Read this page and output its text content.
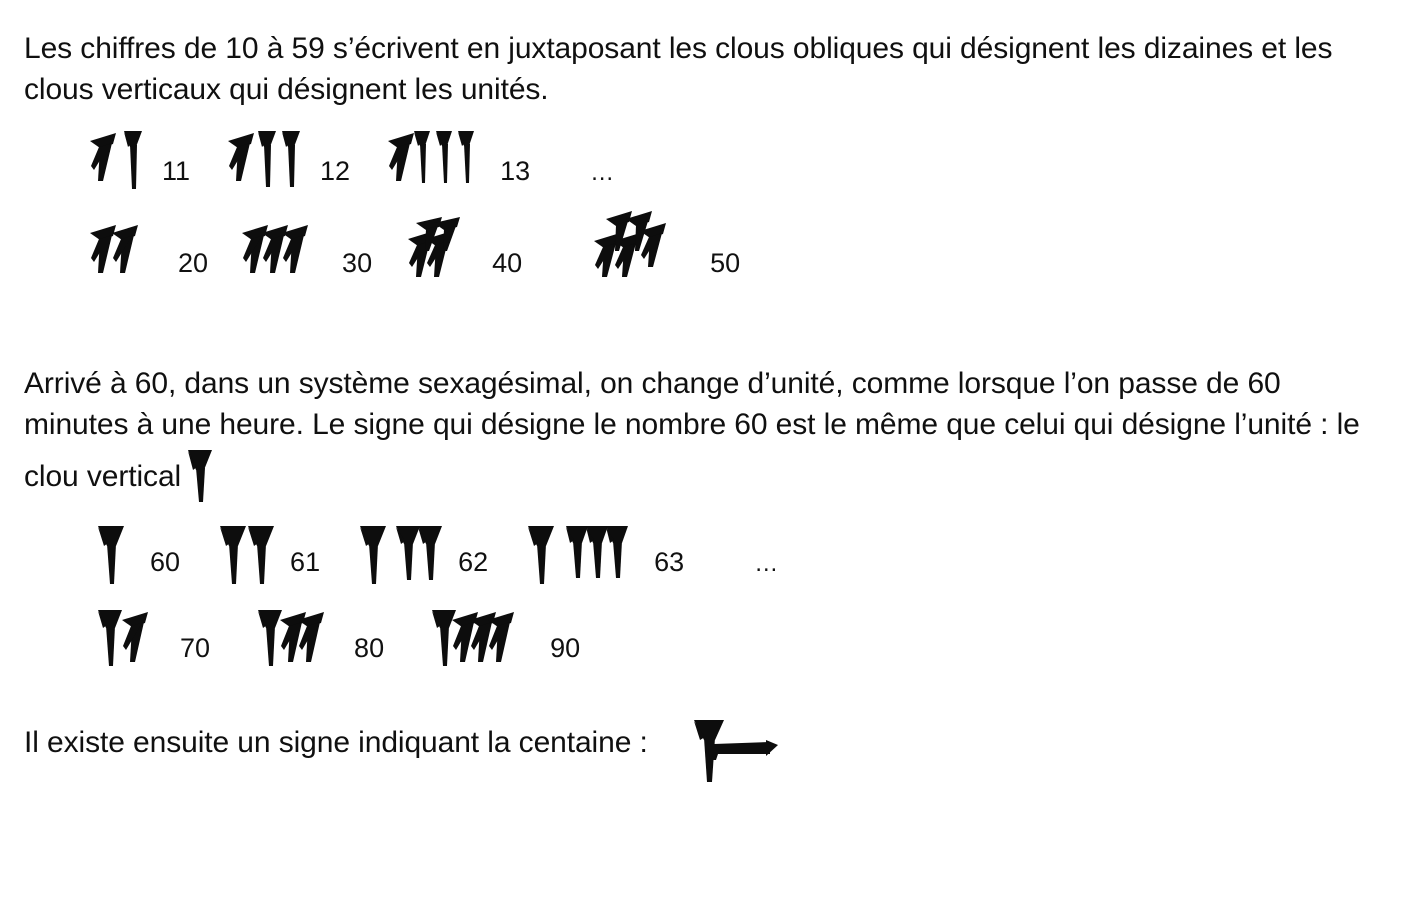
Les chiffres de 10 à 59 s’écrivent en juxtaposant les clous obliques qui désignent les dizaines et les clous verticaux qui désignent les unités.

11	12	13	…
20	30	40	50

Arrivé à 60, dans un système sexagésimal, on change d’unité, comme lorsque l’on passe de 60 minutes à une heure. Le signe qui désigne le nombre 60 est le même que celui qui désigne l’unité : le clou vertical

60	61	62	63	…
70	80	90
Il existe ensuite un signe indiquant la centaine :
